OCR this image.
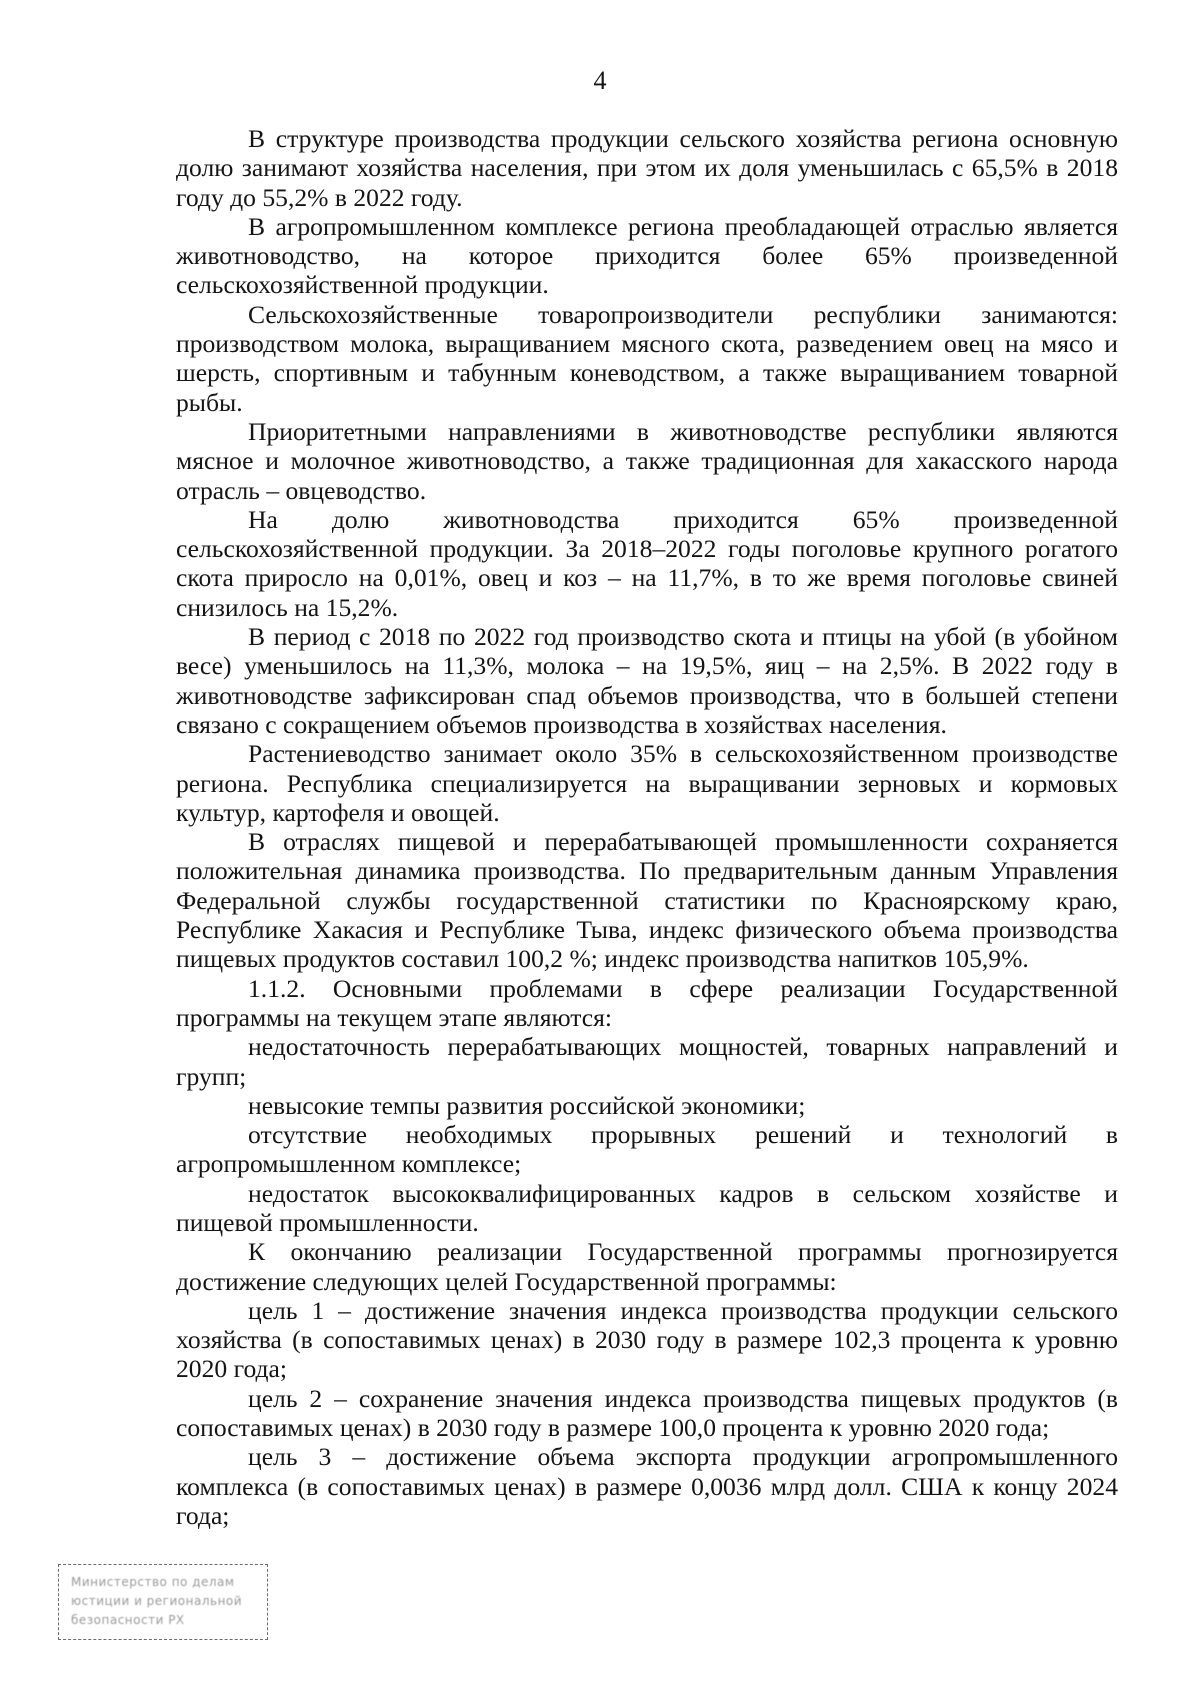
4

В структуре производства продукции сельского хозяйства региона основную долю занимают хозяйства населения, при этом их доля уменьшилась с 65,5% в 2018 году до 55,2% в 2022 году.

В агропромышленном комплексе региона преобладающей отраслью является животноводство, на которое приходится более 65% произведенной сельскохозяйственной продукции.

Сельскохозяйственные товаропроизводители республики занимаются: производством молока, выращиванием мясного скота, разведением овец на мясо и шерсть, спортивным и табунным коневодством, а также выращиванием товарной рыбы.

Приоритетными направлениями в животноводстве республики являются мясное и молочное животноводство, а также традиционная для хакасского народа отрасль – овцеводство.

На долю животноводства приходится 65% произведенной сельскохозяйственной продукции. За 2018–2022 годы поголовье крупного рогатого скота приросло на 0,01%, овец и коз – на 11,7%, в то же время поголовье свиней снизилось на 15,2%.

В период с 2018 по 2022 год производство скота и птицы на убой (в убойном весе) уменьшилось на 11,3%, молока – на 19,5%, яиц – на 2,5%. В 2022 году в животноводстве зафиксирован спад объемов производства, что в большей степени связано с сокращением объемов производства в хозяйствах населения.

Растениеводство занимает около 35% в сельскохозяйственном производстве региона. Республика специализируется на выращивании зерновых и кормовых культур, картофеля и овощей.

В отраслях пищевой и перерабатывающей промышленности сохраняется положительная динамика производства. По предварительным данным Управления Федеральной службы государственной статистики по Красноярскому краю, Республике Хакасия и Республике Тыва, индекс физического объема производства пищевых продуктов составил 100,2 %; индекс производства напитков 105,9%.

1.1.2. Основными проблемами в сфере реализации Государственной программы на текущем этапе являются:

недостаточность перерабатывающих мощностей, товарных направлений и групп;

невысокие темпы развития российской экономики;

отсутствие необходимых прорывных решений и технологий в агропромышленном комплексе;

недостаток высококвалифицированных кадров в сельском хозяйстве и пищевой промышленности.

К окончанию реализации Государственной программы прогнозируется достижение следующих целей Государственной программы:

цель 1 – достижение значения индекса производства продукции сельского хозяйства (в сопоставимых ценах) в 2030 году в размере 102,3 процента к уровню 2020 года;

цель 2 – сохранение значения индекса производства пищевых продуктов (в сопоставимых ценах) в 2030 году в размере 100,0 процента к уровню 2020 года;

цель 3 – достижение объема экспорта продукции агропромышленного комплекса (в сопоставимых ценах) в размере 0,0036 млрд долл. США к концу 2024 года;

Министерство по делам
юстиции и региональной
безопасности РХ
